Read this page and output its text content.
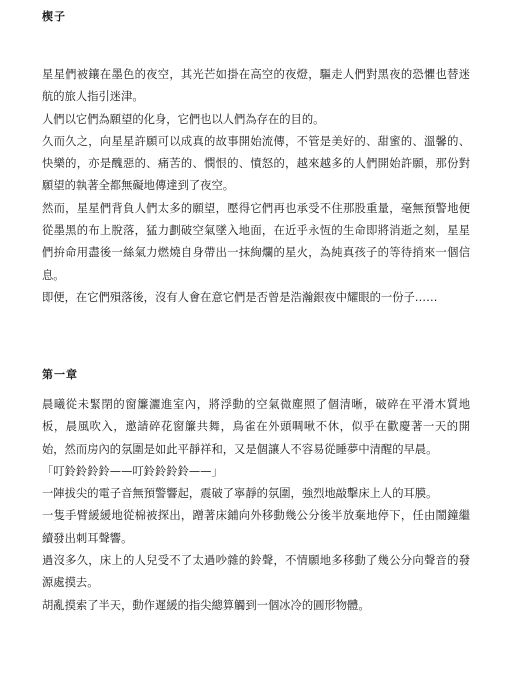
楔子

星星們被鑲在墨色的夜空，其光芒如掛在高空的夜燈，驅走人們對黑夜的恐懼也替迷航的旅人指引迷津。

人們以它們為願望的化身，它們也以人們為存在的目的。

久而久之，向星星許願可以成真的故事開始流傳，不管是美好的、甜蜜的、溫馨的、快樂的，亦是醜惡的、痛苦的、憫恨的、憤怒的，越來越多的人們開始許願，那份對願望的執著全都無礙地傳達到了夜空。

然而，星星們背負人們太多的願望，壓得它們再也承受不住那股重量，毫無預警地便從墨黑的布上脫落，猛力劃破空氣墜入地面，在近乎永恆的生命即將消逝之刻，星星們拚命用盡後一絲氣力燃燒自身帶出一抹絢爛的星火，為純真孩子的等待捎來一個信息。

即便，在它們殞落後，沒有人會在意它們是否曾是浩瀚銀夜中耀眼的一份子……

第一章

晨曦從未緊閉的窗簾灑進室內，將浮動的空氣微塵照了個清晰，破碎在平滑木質地板，晨風吹入，邀請碎花窗簾共舞，鳥雀在外頭啁啾不休，似乎在歡慶著一天的開始，然而房內的氛圍是如此平靜祥和，又是個讓人不容易從睡夢中清醒的早晨。

「叮鈴鈴鈴鈴——叮鈴鈴鈴鈴——」

一陣拔尖的電子音無預警響起，震破了寧靜的氛圍，強烈地敲擊床上人的耳膜。

一隻手臂緩緩地從棉被探出，蹭著床鋪向外移動幾公分後半放棄地停下，任由鬧鐘繼續發出刺耳聲響。

過沒多久，床上的人兒受不了太過吵雜的鈴聲，不情願地多移動了幾公分向聲音的發源處摸去。

胡亂摸索了半天，動作遲緩的指尖總算觸到一個冰冷的圓形物體。
